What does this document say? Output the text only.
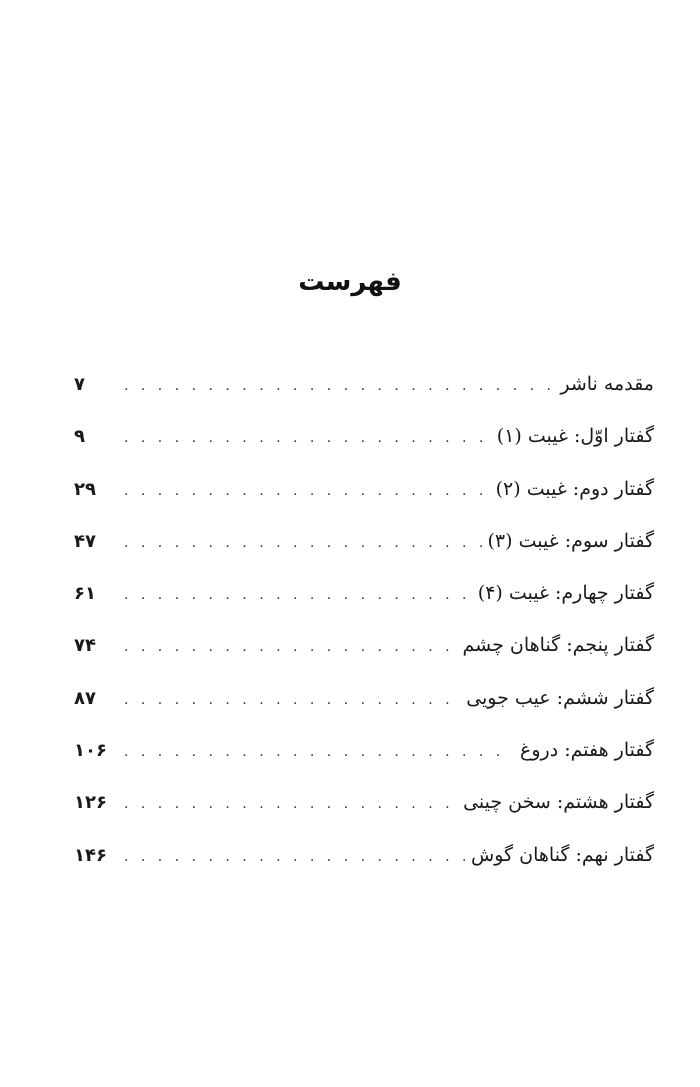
فهرست
مقدمه ناشر
. . .
۷
گفتار اوّل: غیبت (۱)
. . .
۹
گفتار دوم: غیبت (۲)
. . .
۲۹
گفتار سوم: غیبت (۳)
. . .
۴۷
گفتار چهارم: غیبت (۴)
. . .
۶۱
گفتار پنجم: گناهان چشم
. . .
۷۴
گفتار ششم: عیب جویی
. . .
۸۷
گفتار هفتم: دروغ
. . .
۱۰۶
گفتار هشتم: سخن چینی
. . .
۱۲۶
گفتار نهم: گناهان گوش
. . .
۱۴۶
